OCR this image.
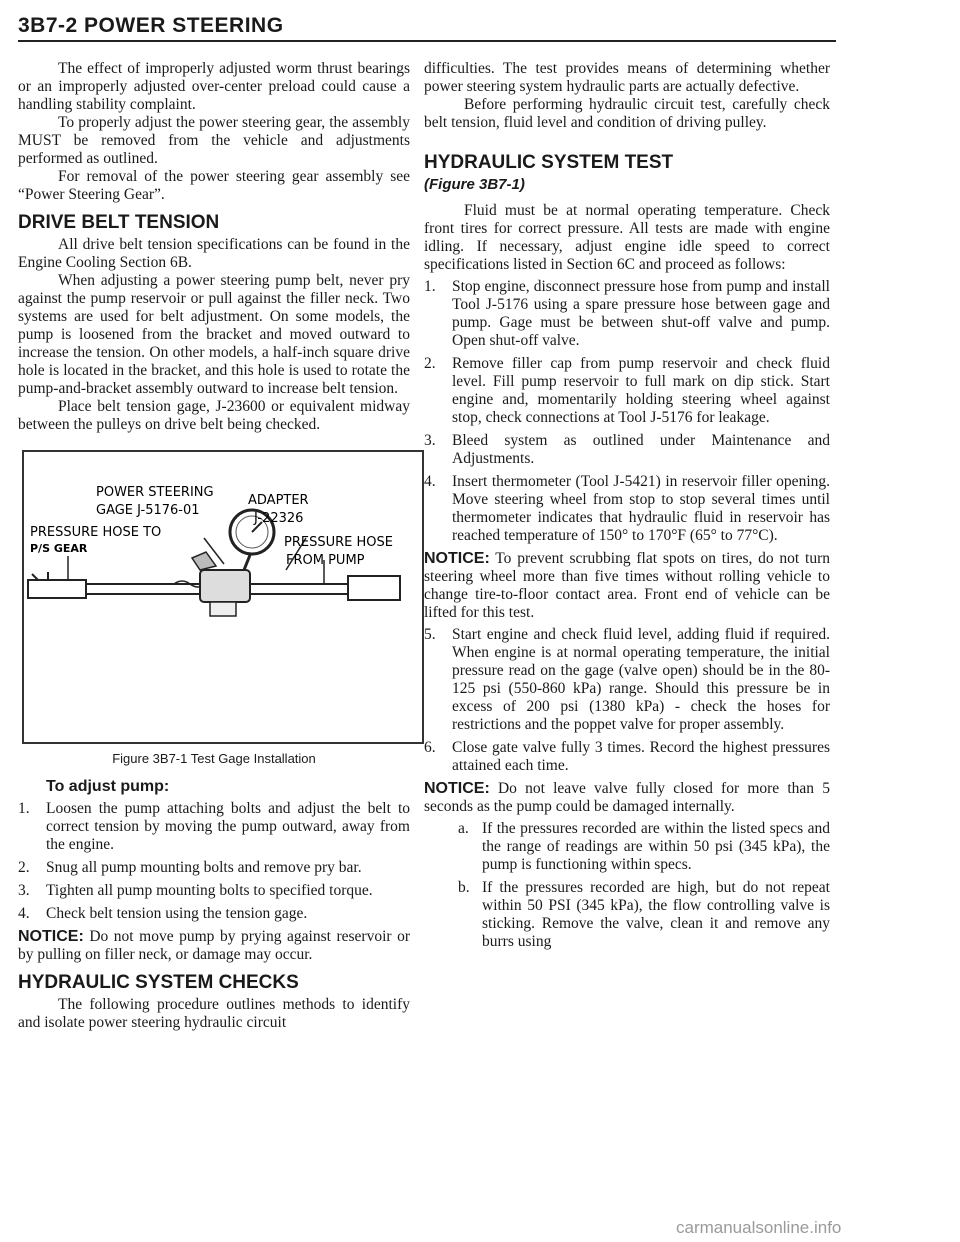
3B7-2 POWER STEERING

The effect of improperly adjusted worm thrust bearings or an improperly adjusted over-center preload could cause a handling stability complaint.

To properly adjust the power steering gear, the assembly MUST be removed from the vehicle and adjustments performed as outlined.

For removal of the power steering gear assembly see “Power Steering Gear”.

DRIVE BELT TENSION

All drive belt tension specifications can be found in the Engine Cooling Section 6B.

When adjusting a power steering pump belt, never pry against the pump reservoir or pull against the filler neck. Two systems are used for belt adjustment. On some models, the pump is loosened from the bracket and moved outward to increase the tension. On other models, a half-inch square drive hole is located in the bracket, and this hole is used to rotate the pump-and-bracket assembly outward to increase belt tension.

Place belt tension gage, J-23600 or equivalent midway between the pulleys on drive belt being checked.

POWER STEERING
GAGE J-5176-01
ADAPTER
J-22326
PRESSURE HOSE TO
P/S GEAR	PRESSURE HOSE
FROM PUMP
Figure 3B7-1 Test Gage Installation
To adjust pump:
1. Loosen the pump attaching bolts and adjust the belt to correct tension by moving the pump outward, away from the engine.
2. Snug all pump mounting bolts and remove pry bar.
3. Tighten all pump mounting bolts to specified torque.
4. Check belt tension using the tension gage.

NOTICE: Do not move pump by prying against reservoir or by pulling on filler neck, or damage may occur.

HYDRAULIC SYSTEM CHECKS

The following procedure outlines methods to identify and isolate power steering hydraulic circuit

difficulties. The test provides means of determining whether power steering system hydraulic parts are actually defective.

Before performing hydraulic circuit test, carefully check belt tension, fluid level and condition of driving pulley.

HYDRAULIC SYSTEM TEST
(Figure 3B7-1)

Fluid must be at normal operating temperature. Check front tires for correct pressure. All tests are made with engine idling. If necessary, adjust engine idle speed to correct specifications listed in Section 6C and proceed as follows:

1. Stop engine, disconnect pressure hose from pump and install Tool J-5176 using a spare pressure hose between gage and pump. Gage must be between shut-off valve and pump. Open shut-off valve.
2. Remove filler cap from pump reservoir and check fluid level. Fill pump reservoir to full mark on dip stick. Start engine and, momentarily holding steering wheel against stop, check connections at Tool J-5176 for leakage.
3. Bleed system as outlined under Maintenance and Adjustments.
4. Insert thermometer (Tool J-5421) in reservoir filler opening. Move steering wheel from stop to stop several times until thermometer indicates that hydraulic fluid in reservoir has reached temperature of 150° to 170°F (65° to 77°C).

NOTICE: To prevent scrubbing flat spots on tires, do not turn steering wheel more than five times without rolling vehicle to change tire-to-floor contact area. Front end of vehicle can be lifted for this test.

5. Start engine and check fluid level, adding fluid if required. When engine is at normal operating temperature, the initial pressure read on the gage (valve open) should be in the 80-125 psi (550-860 kPa) range. Should this pressure be in excess of 200 psi (1380 kPa) - check the hoses for restrictions and the poppet valve for proper assembly.
6. Close gate valve fully 3 times. Record the highest pressures attained each time.

NOTICE: Do not leave valve fully closed for more than 5 seconds as the pump could be damaged internally.

a. If the pressures recorded are within the listed specs and the range of readings are within 50 psi (345 kPa), the pump is functioning within specs.
b. If the pressures recorded are high, but do not repeat within 50 PSI (345 kPa), the flow controlling valve is sticking. Remove the valve, clean it and remove any burrs using
carmanualsonline.info
